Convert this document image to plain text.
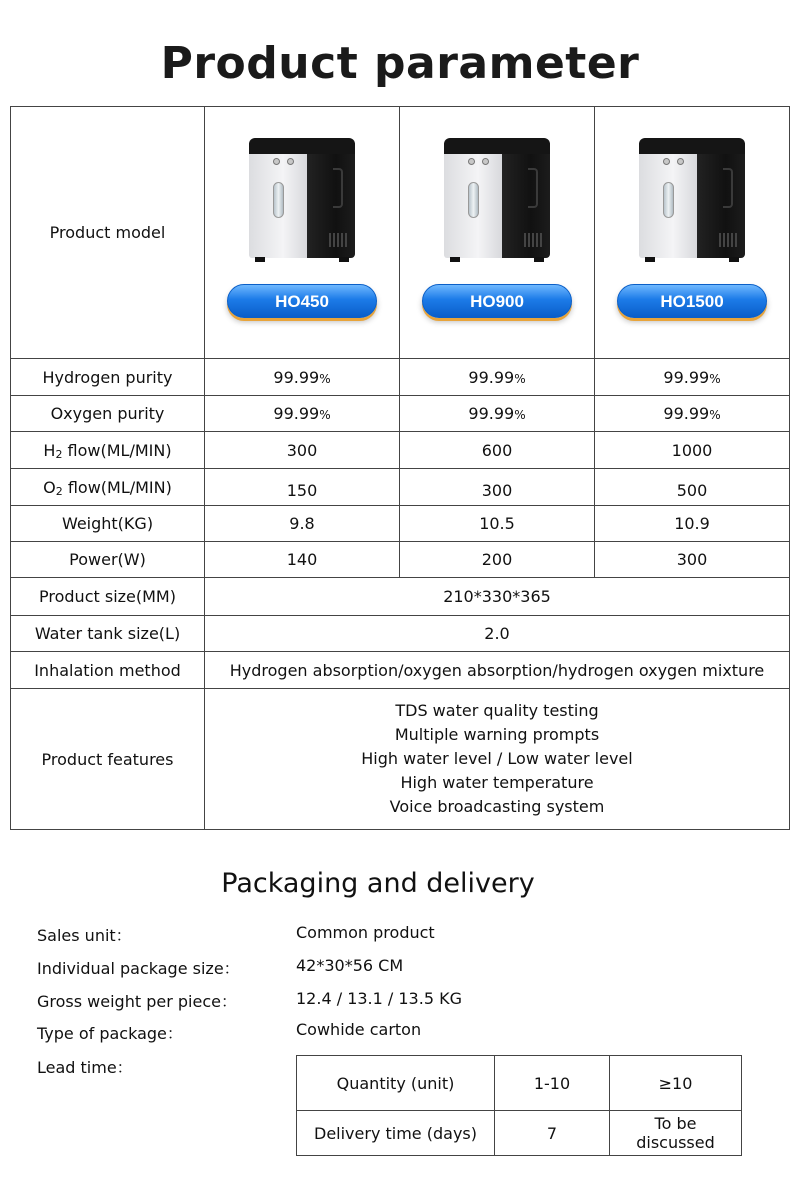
Product parameter
Product model	HO450	HO900	HO1500

Hydrogen purity	99.99%	99.99%	99.99%
Oxygen purity	99.99%	99.99%	99.99%
H2 flow(ML/MIN)	300	600	1000
O2 flow(ML/MIN)	150	300	500
Weight(KG)	9.8	10.5	10.9
Power(W)	140	200	300
Product size(MM)	210*330*365		
Water tank size(L)	2.0		
Inhalation method	Hydrogen absorption/oxygen absorption/hydrogen oxygen mixture		
Product features	TDS water quality testing
Multiple warning prompts
High water level / Low water level
High water temperature
Voice broadcasting system		
Packaging and delivery
Sales unit：	Common product
Individual package size：	42*30*56 CM
Gross weight per piece：	12.4 / 13.1 / 13.5 KG
Type of package：	Cowhide carton
Lead time：
Quantity (unit)	1-10	≥10
Delivery time (days)	7	To be
discussed
